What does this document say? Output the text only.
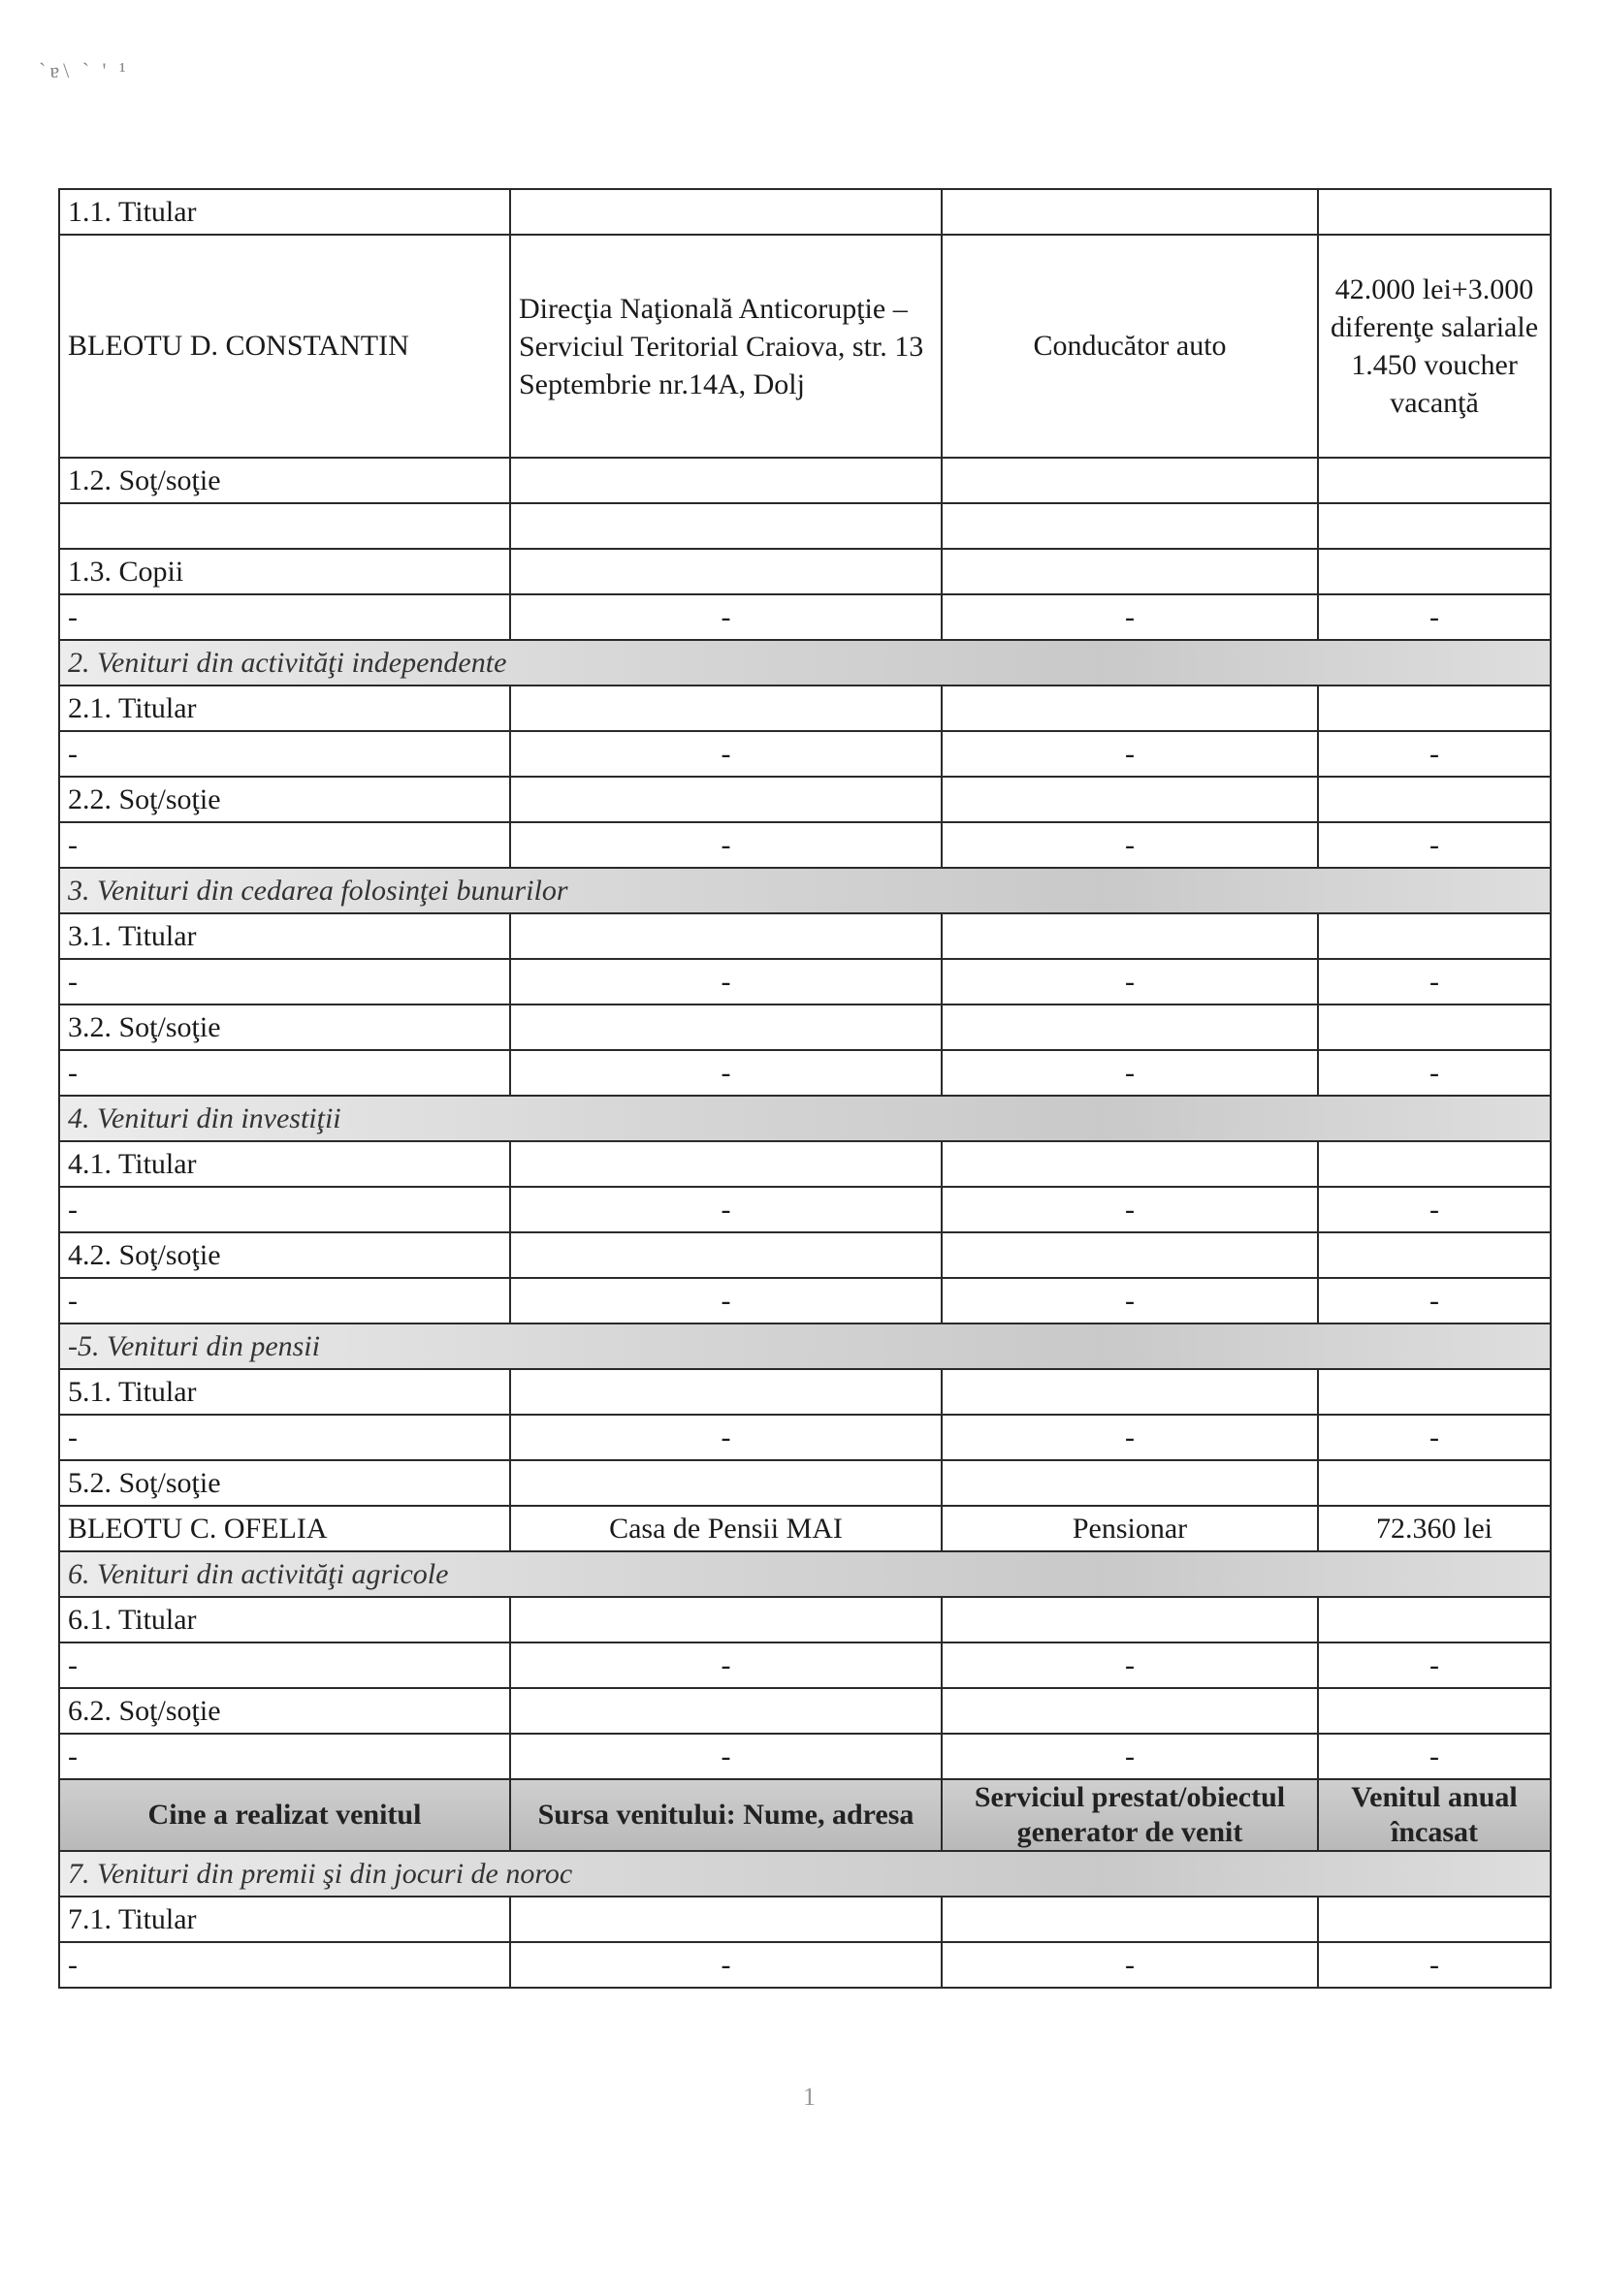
`ɐ\ ` ' ¹
1.1. Titular			
BLEOTU D. CONSTANTIN	Direcţia Naţională Anticorupţie – Serviciul Teritorial Craiova, str. 13 Septembrie nr.14A, Dolj	Conducător auto	42.000 lei+3.000 diferenţe salariale 1.450 voucher vacanţă
1.2. Soţ/soţie			

1.3. Copii			
-	-	-	-
2. Venituri din activităţi independente			
2.1. Titular			
-	-	-	-
2.2. Soţ/soţie			
-	-	-	-
3. Venituri din cedarea folosinţei bunurilor			
3.1. Titular			
-	-	-	-
3.2. Soţ/soţie			
-	-	-	-
4. Venituri din investiţii			
4.1. Titular			
-	-	-	-
4.2. Soţ/soţie			
-	-	-	-
-5. Venituri din pensii			
5.1. Titular			
-	-	-	-
5.2. Soţ/soţie			
BLEOTU C. OFELIA	Casa de Pensii MAI	Pensionar	72.360 lei
6. Venituri din activităţi agricole			
6.1. Titular			
-	-	-	-
6.2. Soţ/soţie			
-	-	-	-
Cine a realizat venitul	Sursa venitului: Nume, adresa	Serviciul prestat/obiectul generator de venit	Venitul anual încasat
7. Venituri din premii şi din jocuri de noroc			
7.1. Titular			
-	-	-	-
1
